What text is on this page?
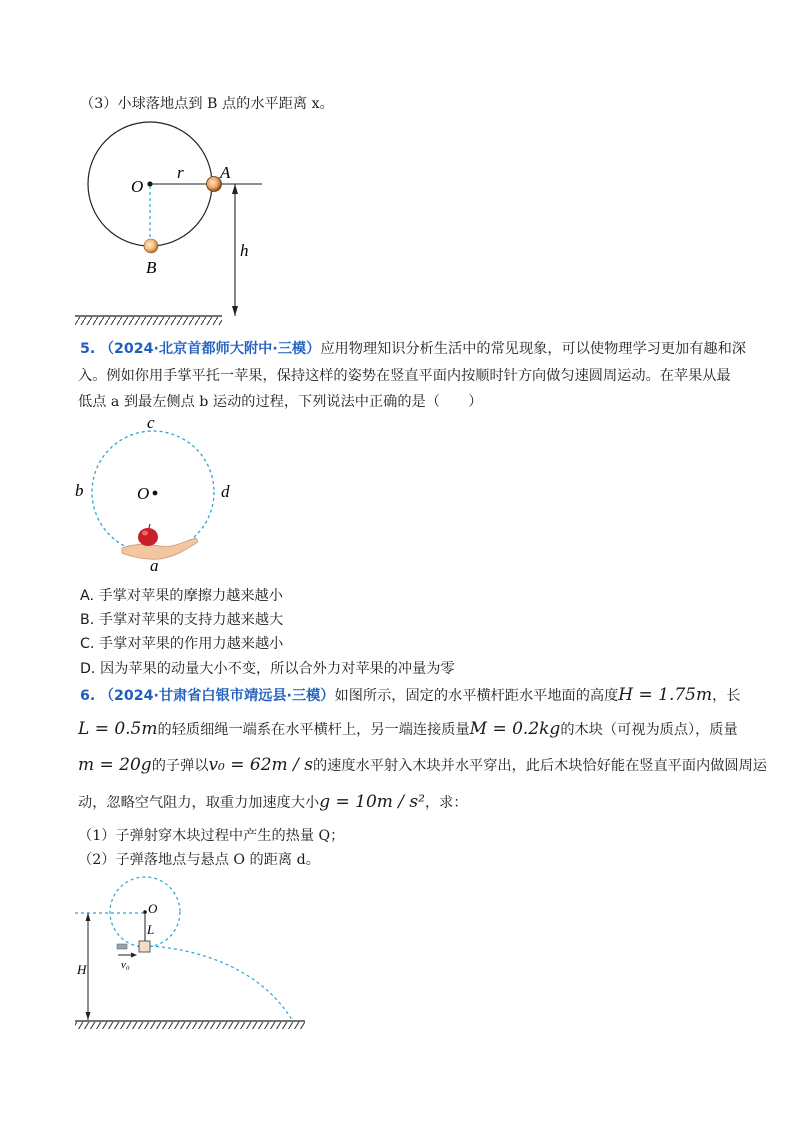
（3）小球落地点到 B 点的水平距离 x。
O
r A
B
h
5. （2024·北京首都师大附中·三模）应用物理知识分析生活中的常见现象，可以使物理学习更加有趣和深
入。例如你用手掌平托一苹果，保持这样的姿势在竖直平面内按顺时针方向做匀速圆周运动。在苹果从最
低点 a 到最左侧点 b 运动的过程，下列说法中正确的是（　　）
c
b	O	d
a
A. 手掌对苹果的摩擦力越来越小
B. 手掌对苹果的支持力越来越大
C. 手掌对苹果的作用力越来越小
D. 因为苹果的动量大小不变，所以合外力对苹果的冲量为零
6. （2024·甘肃省白银市靖远县·三模）如图所示，固定的水平横杆距水平地面的高度H = 1.75m，长
L = 0.5m的轻质细绳一端系在水平横杆上，另一端连接质量M = 0.2kg的木块（可视为质点），质量
m = 20g的子弹以v₀ = 62m / s的速度水平射入木块并水平穿出，此后木块恰好能在竖直平面内做圆周运
动，忽略空气阻力，取重力加速度大小g = 10m / s²，求：
（1）子弹射穿木块过程中产生的热量 Q；
（2）子弹落地点与悬点 O 的距离 d。
O
L
H	v₀
